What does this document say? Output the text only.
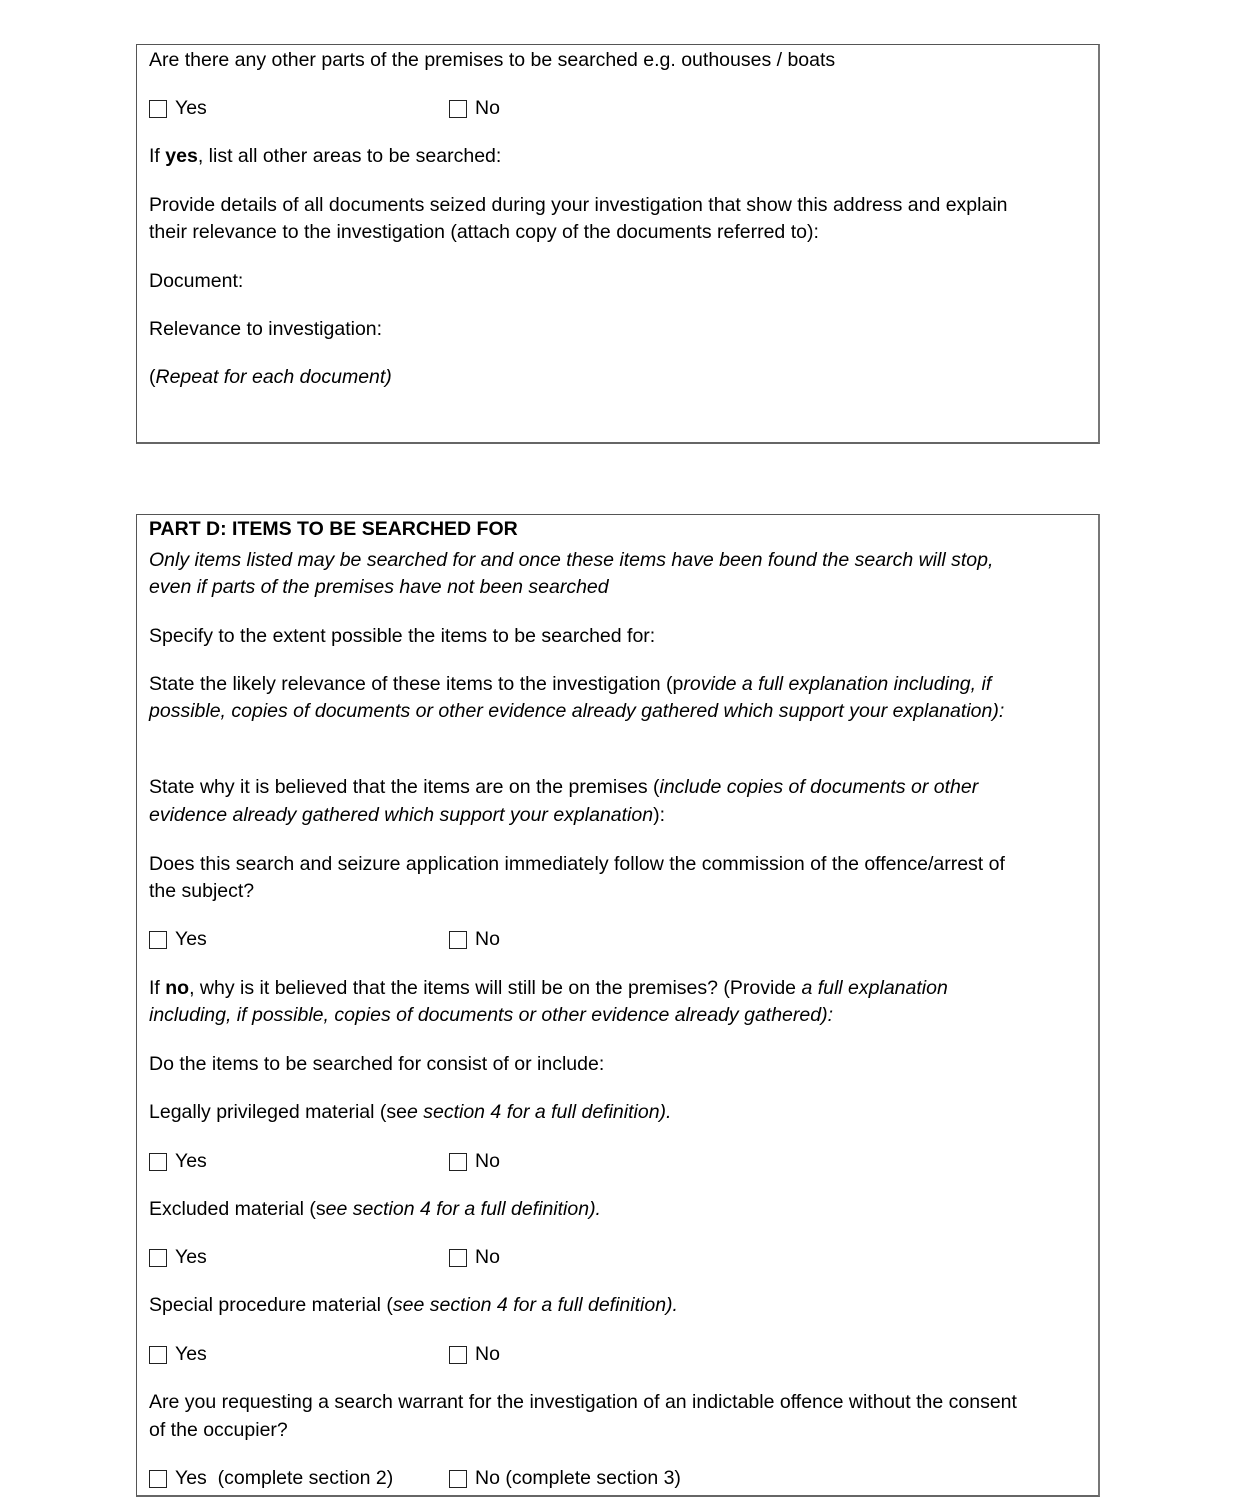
Are there any other parts of the premises to be searched e.g. outhouses / boats
Yes	No
If yes, list all other areas to be searched:
Provide details of all documents seized during your investigation that show this address and explain
their relevance to the investigation (attach copy of the documents referred to):
Document:
Relevance to investigation:
(Repeat for each document)
PART D: ITEMS TO BE SEARCHED FOR
Only items listed may be searched for and once these items have been found the search will stop,
even if parts of the premises have not been searched
Specify to the extent possible the items to be searched for:
State the likely relevance of these items to the investigation (provide a full explanation including, if
possible, copies of documents or other evidence already gathered which support your explanation):
State why it is believed that the items are on the premises (include copies of documents or other
evidence already gathered which support your explanation):
Does this search and seizure application immediately follow the commission of the offence/arrest of
the subject?
Yes	No
If no, why is it believed that the items will still be on the premises? (Provide a full explanation
including, if possible, copies of documents or other evidence already gathered):
Do the items to be searched for consist of or include:
Legally privileged material (see section 4 for a full definition).
Yes	No
Excluded material (see section 4 for a full definition).
Yes	No
Special procedure material (see section 4 for a full definition).
Yes	No
Are you requesting a search warrant for the investigation of an indictable offence without the consent
of the occupier?
Yes  (complete section 2)	No (complete section 3)
